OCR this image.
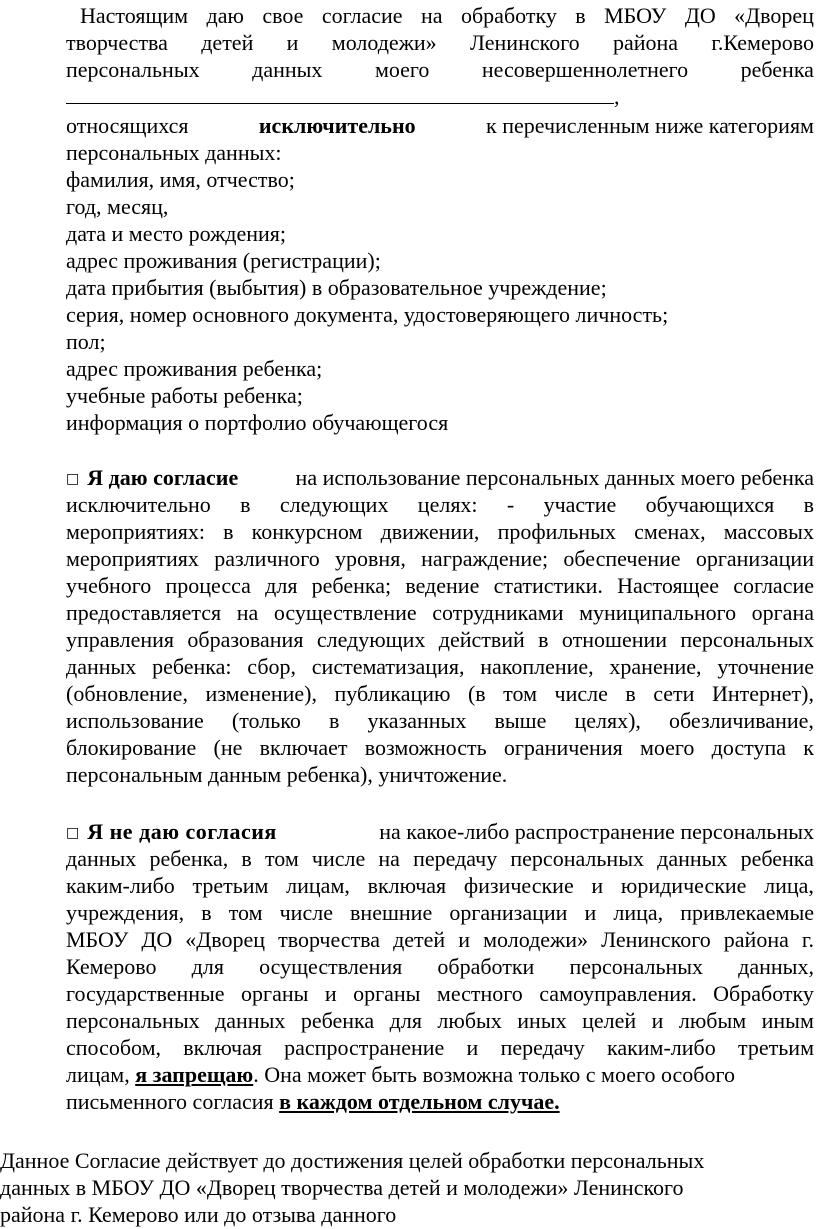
Настоящим даю свое согласие на обработку в МБОУ ДО «Дворец
творчества детей и молодежи» Ленинского района г.Кемерово
персональных данных моего несовершеннолетнего ребенка
,
относящихся	исключительно	к перечисленным ниже категориям
персональных данных:
фамилия, имя, отчество;
год, месяц,
дата и место рождения;
адрес проживания (регистрации);
дата прибытия (выбытия) в образовательное учреждение;
серия, номер основного документа, удостоверяющего личность;
пол;
адрес проживания ребенка;
учебные работы ребенка;
информация о портфолио обучающегося
□ Я даю согласие	на использование персональных данных моего ребенка
исключительно в следующих целях: - участие обучающихся в
мероприятиях: в конкурсном движении, профильных сменах, массовых
мероприятиях различного уровня, награждение; обеспечение организации
учебного процесса для ребенка; ведение статистики. Настоящее согласие
предоставляется на осуществление сотрудниками муниципального органа
управления образования следующих действий в отношении персональных
данных ребенка: сбор, систематизация, накопление, хранение, уточнение
(обновление, изменение), публикацию (в том числе в сети Интернет),
использование (только в указанных выше целях), обезличивание,
блокирование (не включает возможность ограничения моего доступа к
персональным данным ребенка), уничтожение.
□ Я не даю согласия	на какое-либо распространение персональных
данных ребенка, в том числе на передачу персональных данных ребенка
каким-либо третьим лицам, включая физические и юридические лица,
учреждения, в том числе внешние организации и лица, привлекаемые
МБОУ ДО «Дворец творчества детей и молодежи» Ленинского района г.
Кемерово для осуществления обработки персональных данных,
государственные органы и органы местного самоуправления. Обработку
персональных данных ребенка для любых иных целей и любым иным
способом, включая распространение и передачу каким-либо третьим
лицам, я запрещаю. Она может быть возможна только с моего особого
письменного согласия в каждом отдельном случае.
Данное Согласие действует до достижения целей обработки персональных
данных в МБОУ ДО «Дворец творчества детей и молодежи» Ленинского
района г. Кемерово или до отзыва данного
